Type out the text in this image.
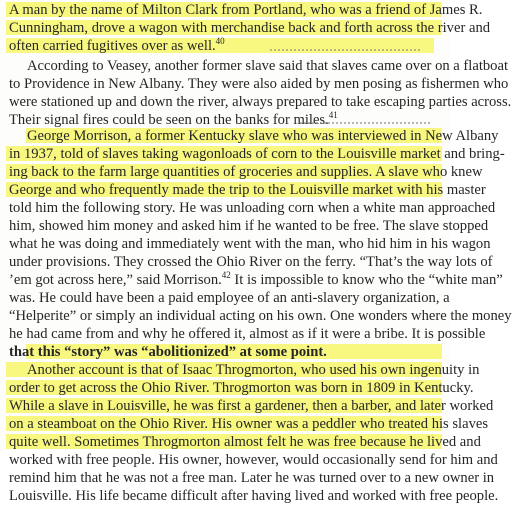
A man by the name of Milton Clark from Portland, who was a friend of James R.
Cunningham, drove a wagon with merchandise back and forth across the river and
often carried fugitives over as well.$^{40}$
According to Veasey, another former slave said that slaves came over on a flatboat
to Providence in New Albany. They were also aided by men posing as fishermen who
were stationed up and down the river, always prepared to take escaping parties across.
Their signal fires could be seen on the banks for miles.$^{41}$
George Morrison, a former Kentucky slave who was interviewed in New Albany
in 1937, told of slaves taking wagonloads of corn to the Louisville market and bring-
ing back to the farm large quantities of groceries and supplies. A slave who knew
George and who frequently made the trip to the Louisville market with his master
told him the following story. He was unloading corn when a white man approached
him, showed him money and asked him if he wanted to be free. The slave stopped
what he was doing and immediately went with the man, who hid him in his wagon
under provisions. They crossed the Ohio River on the ferry. “That’s the way lots of
’em got across here,” said Morrison.$^{42}$ It is impossible to know who the “white man”
was. He could have been a paid employee of an anti-slavery organization, a
“Helperite” or simply an individual acting on his own. One wonders where the money
he had came from and why he offered it, almost as if it were a bribe. It is possible
that this “story” was “abolitionized” at some point.
Another account is that of Isaac Throgmorton, who used his own ingenuity in
order to get across the Ohio River. Throgmorton was born in 1809 in Kentucky.
While a slave in Louisville, he was first a gardener, then a barber, and later worked
on a steamboat on the Ohio River. His owner was a peddler who treated his slaves
quite well. Sometimes Throgmorton almost felt he was free because he lived and
worked with free people. His owner, however, would occasionally send for him and
remind him that he was not a free man. Later he was turned over to a new owner in
Louisville. His life became difficult after having lived and worked with free people.
